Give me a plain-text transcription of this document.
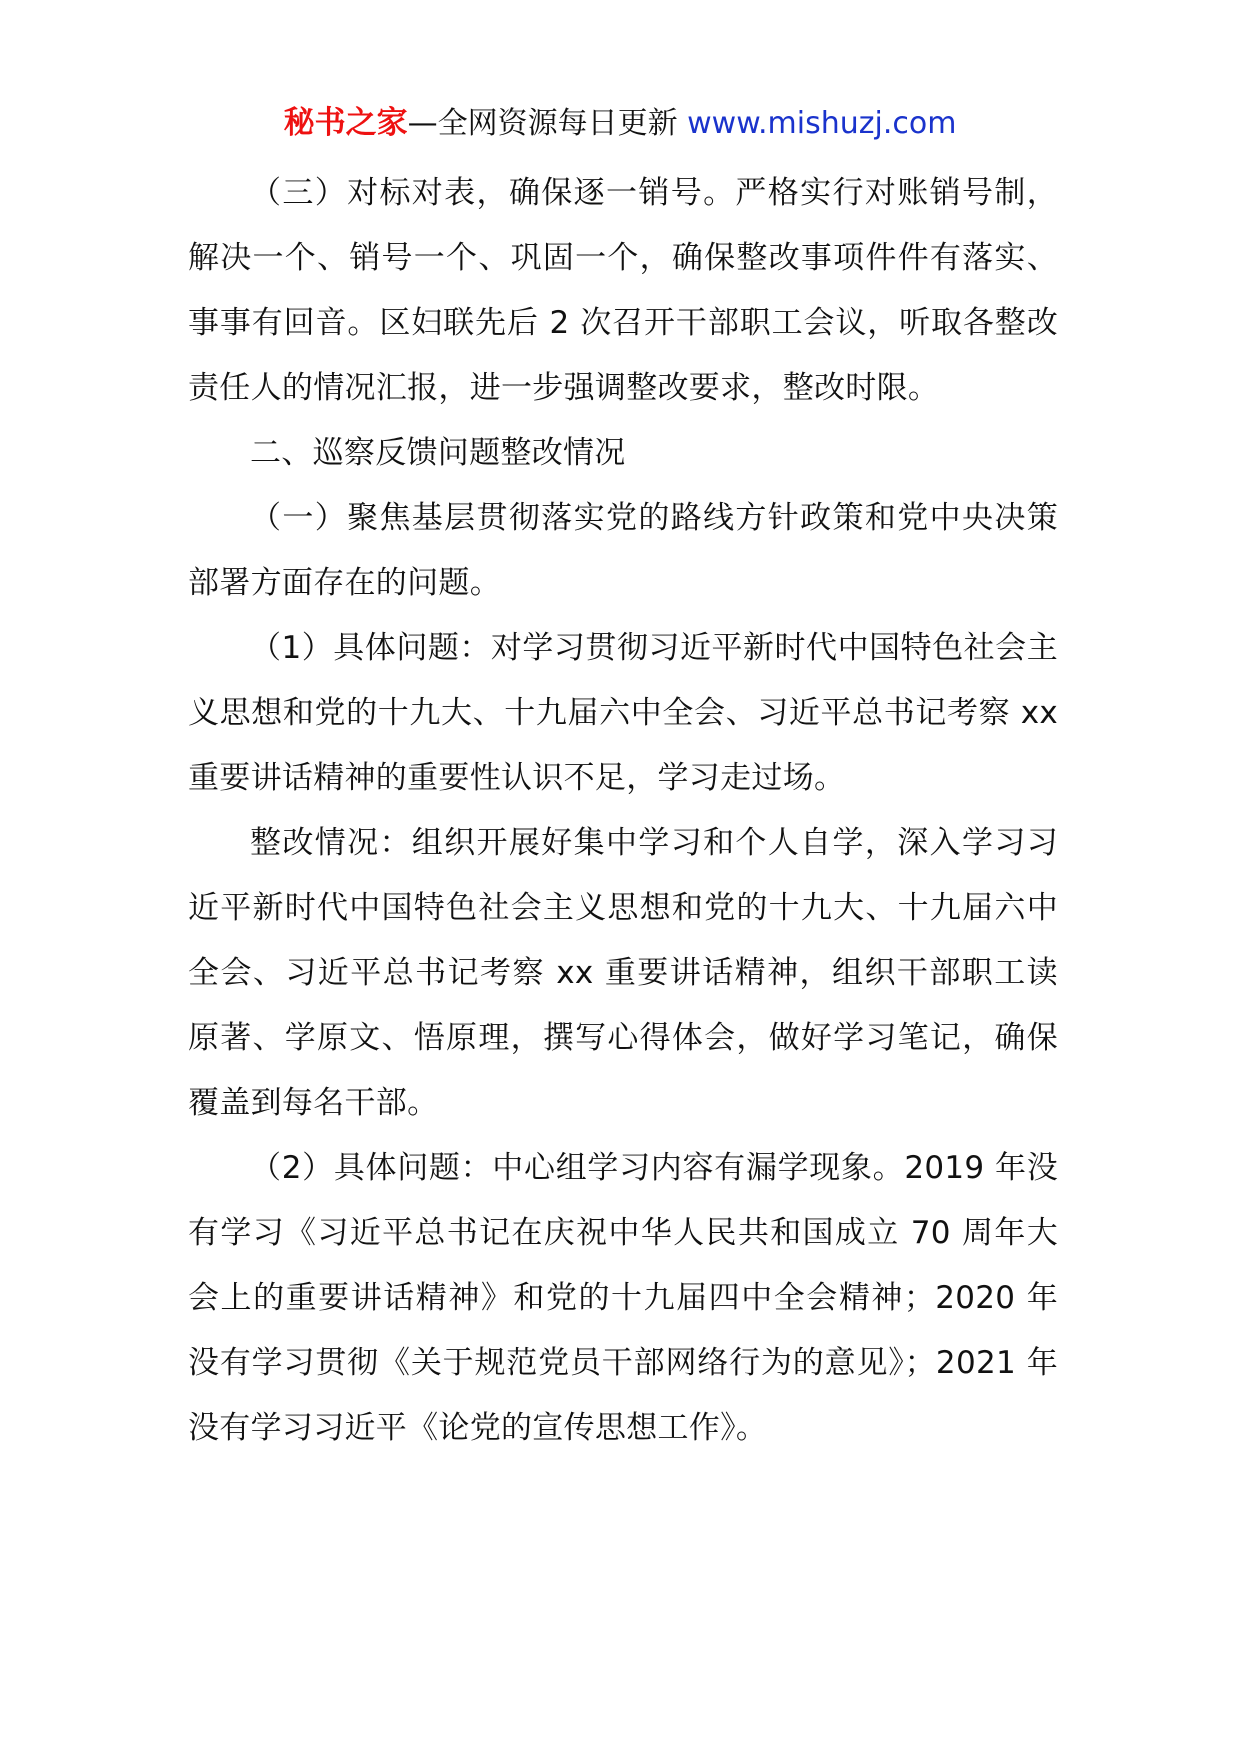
秘书之家—全网资源每日更新 www.mishuzj.com

（三）对标对表，确保逐一销号。严格实行对账销号制，解决一个、销号一个、巩固一个，确保整改事项件件有落实、事事有回音。区妇联先后 2 次召开干部职工会议，听取各整改责任人的情况汇报，进一步强调整改要求，整改时限。

二、巡察反馈问题整改情况

（一）聚焦基层贯彻落实党的路线方针政策和党中央决策部署方面存在的问题。

（1）具体问题：对学习贯彻习近平新时代中国特色社会主义思想和党的十九大、十九届六中全会、习近平总书记考察 xx 重要讲话精神的重要性认识不足，学习走过场。

整改情况：组织开展好集中学习和个人自学，深入学习习近平新时代中国特色社会主义思想和党的十九大、十九届六中全会、习近平总书记考察 xx 重要讲话精神，组织干部职工读原著、学原文、悟原理，撰写心得体会，做好学习笔记，确保覆盖到每名干部。

（2）具体问题：中心组学习内容有漏学现象。2019 年没有学习《习近平总书记在庆祝中华人民共和国成立 70 周年大会上的重要讲话精神》和党的十九届四中全会精神；2020 年没有学习贯彻《关于规范党员干部网络行为的意见》；2021 年没有学习习近平《论党的宣传思想工作》。
